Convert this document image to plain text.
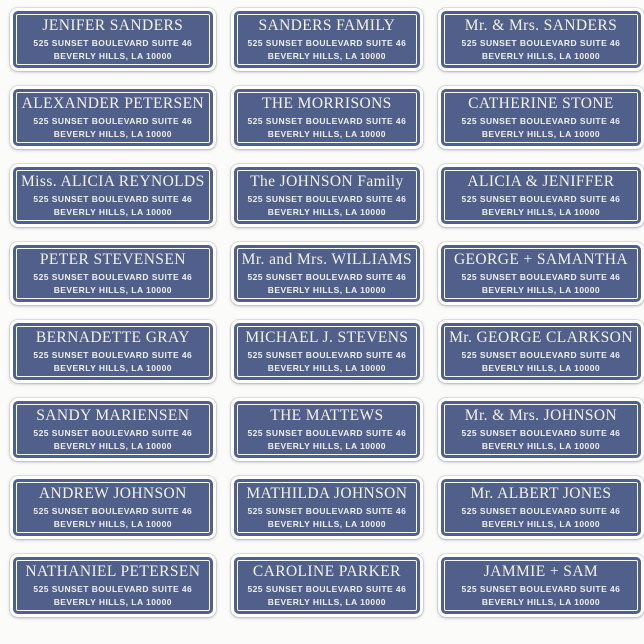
JENIFER SANDERS
525 SUNSET BOULEVARD SUITE 46
BEVERLY HILLS, LA 10000
SANDERS FAMILY
525 SUNSET BOULEVARD SUITE 46
BEVERLY HILLS, LA 10000
Mr. & Mrs. SANDERS
525 SUNSET BOULEVARD SUITE 46
BEVERLY HILLS, LA 10000
ALEXANDER PETERSEN
525 SUNSET BOULEVARD SUITE 46
BEVERLY HILLS, LA 10000
THE MORRISONS
525 SUNSET BOULEVARD SUITE 46
BEVERLY HILLS, LA 10000
CATHERINE STONE
525 SUNSET BOULEVARD SUITE 46
BEVERLY HILLS, LA 10000
Miss. ALICIA REYNOLDS
525 SUNSET BOULEVARD SUITE 46
BEVERLY HILLS, LA 10000
The JOHNSON Family
525 SUNSET BOULEVARD SUITE 46
BEVERLY HILLS, LA 10000
ALICIA & JENIFFER
525 SUNSET BOULEVARD SUITE 46
BEVERLY HILLS, LA 10000
PETER STEVENSEN
525 SUNSET BOULEVARD SUITE 46
BEVERLY HILLS, LA 10000
Mr. and Mrs. WILLIAMS
525 SUNSET BOULEVARD SUITE 46
BEVERLY HILLS, LA 10000
GEORGE + SAMANTHA
525 SUNSET BOULEVARD SUITE 46
BEVERLY HILLS, LA 10000
BERNADETTE GRAY
525 SUNSET BOULEVARD SUITE 46
BEVERLY HILLS, LA 10000
MICHAEL J. STEVENS
525 SUNSET BOULEVARD SUITE 46
BEVERLY HILLS, LA 10000
Mr. GEORGE CLARKSON
525 SUNSET BOULEVARD SUITE 46
BEVERLY HILLS, LA 10000
SANDY MARIENSEN
525 SUNSET BOULEVARD SUITE 46
BEVERLY HILLS, LA 10000
THE MATTEWS
525 SUNSET BOULEVARD SUITE 46
BEVERLY HILLS, LA 10000
Mr. & Mrs. JOHNSON
525 SUNSET BOULEVARD SUITE 46
BEVERLY HILLS, LA 10000
ANDREW JOHNSON
525 SUNSET BOULEVARD SUITE 46
BEVERLY HILLS, LA 10000
MATHILDA JOHNSON
525 SUNSET BOULEVARD SUITE 46
BEVERLY HILLS, LA 10000
Mr. ALBERT JONES
525 SUNSET BOULEVARD SUITE 46
BEVERLY HILLS, LA 10000
NATHANIEL PETERSEN
525 SUNSET BOULEVARD SUITE 46
BEVERLY HILLS, LA 10000
CAROLINE PARKER
525 SUNSET BOULEVARD SUITE 46
BEVERLY HILLS, LA 10000
JAMMIE + SAM
525 SUNSET BOULEVARD SUITE 46
BEVERLY HILLS, LA 10000
